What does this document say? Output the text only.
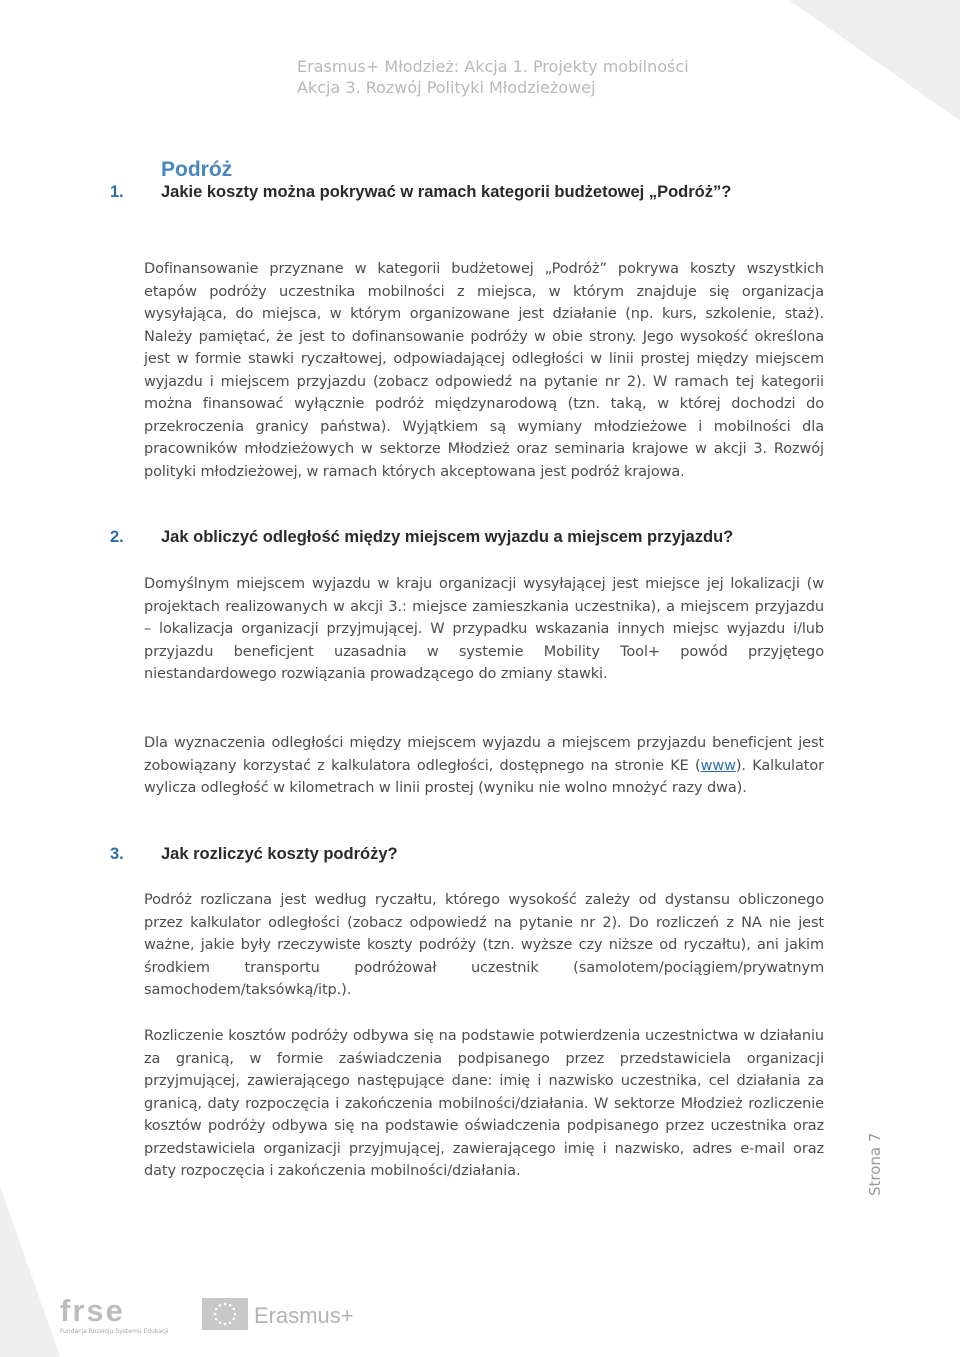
Erasmus+ Młodzież: Akcja 1. Projekty mobilności
Akcja 3. Rozwój Polityki Młodzieżowej
Podróż
1.	Jakie koszty można pokrywać w ramach kategorii budżetowej „Podróż”?
Dofinansowanie przyznane w kategorii budżetowej „Podróż” pokrywa koszty wszystkich etapów podróży uczestnika mobilności z miejsca, w którym znajduje się organizacja wysyłająca, do miejsca, w którym organizowane jest działanie (np. kurs, szkolenie, staż). Należy pamiętać, że jest to dofinansowanie podróży w obie strony. Jego wysokość określona jest w formie stawki ryczałtowej, odpowiadającej odległości w linii prostej między miejscem wyjazdu i miejscem przyjazdu (zobacz odpowiedź na pytanie nr 2). W ramach tej kategorii można finansować wyłącznie podróż międzynarodową (tzn. taką, w której dochodzi do przekroczenia granicy państwa). Wyjątkiem są wymiany młodzieżowe i mobilności dla pracowników młodzieżowych w sektorze Młodzież oraz seminaria krajowe w akcji 3. Rozwój polityki młodzieżowej, w ramach których akceptowana jest podróż krajowa.
2.	Jak obliczyć odległość między miejscem wyjazdu a miejscem przyjazdu?
Domyślnym miejscem wyjazdu w kraju organizacji wysyłającej jest miejsce jej lokalizacji (w projektach realizowanych w akcji 3.: miejsce zamieszkania uczestnika), a miejscem przyjazdu – lokalizacja organizacji przyjmującej. W przypadku wskazania innych miejsc wyjazdu i/lub przyjazdu beneficjent uzasadnia w systemie Mobility Tool+ powód przyjętego niestandardowego rozwiązania prowadzącego do zmiany stawki.
Dla wyznaczenia odległości między miejscem wyjazdu a miejscem przyjazdu beneficjent jest zobowiązany korzystać z kalkulatora odległości, dostępnego na stronie KE (www). Kalkulator wylicza odległość w kilometrach w linii prostej (wyniku nie wolno mnożyć razy dwa).
3.	Jak rozliczyć koszty podróży?
Podróż rozliczana jest według ryczałtu, którego wysokość zależy od dystansu obliczonego przez kalkulator odległości (zobacz odpowiedź na pytanie nr 2). Do rozliczeń z NA nie jest ważne, jakie były rzeczywiste koszty podróży (tzn. wyższe czy niższe od ryczałtu), ani jakim środkiem transportu podróżował uczestnik (samolotem/pociągiem/prywatnym samochodem/taksówką/itp.).
Rozliczenie kosztów podróży odbywa się na podstawie potwierdzenia uczestnictwa w działaniu za granicą, w formie zaświadczenia podpisanego przez przedstawiciela organizacji przyjmującej, zawierającego następujące dane: imię i nazwisko uczestnika, cel działania za granicą, daty rozpoczęcia i zakończenia mobilności/działania. W sektorze Młodzież rozliczenie kosztów podróży odbywa się na podstawie oświadczenia podpisanego przez uczestnika oraz przedstawiciela organizacji przyjmującej, zawierającego imię i nazwisko, adres e-mail oraz daty rozpoczęcia i zakończenia mobilności/działania.	Strona 7
frse
Fundacja Rozwoju Systemu Edukacji
Erasmus+
